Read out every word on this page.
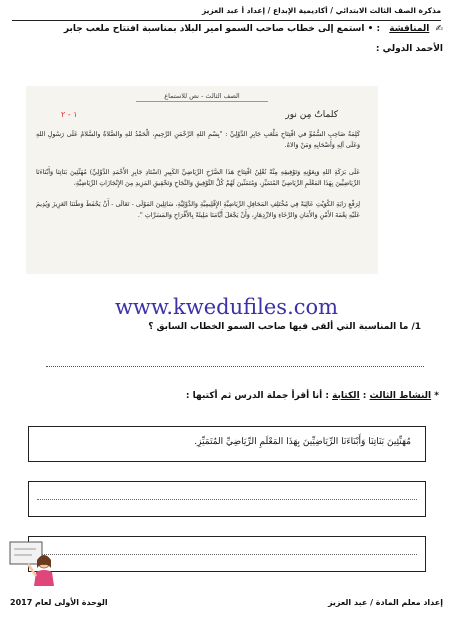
مذكرة الصف الثالث الابتدائي / أكاديمية الإبداع / إعداد أ عبد العزيز
✍ المناقشة : • أستمع إلى خطاب صاحب السمو أمير البلاد بمناسبة افتتاح ملعب جابر
الأحمد الدولي :
الصف الثالث - نص للاستماع
كلماتٌ مِن نور
١ - ٢
كَلِمَةُ صَاحِبِ السُّمُوِّ في افْتِتَاحِ مَلْعَبِ جَابِرِ الدَّوْلِيِّ : "بِسْمِ اللهِ الرَّحْمَنِ الرَّحِيمِ، الْحَمْدُ للهِ والصَّلاةُ والسَّلامُ عَلَى رَسُولِ اللهِ وَعَلَى آلِهِ وَأَصْحَابِهِ وَمَنْ وَالاهُ.
عَلَى بَرَكَةِ اللهِ وَبِعَوْنِهِ وَتَوْفِيقِهِ مِنَّةً نُعْلِنُ افْتِتَاحَ هَذَا الصَّرْحِ الرِّيَاضِيِّ الكَبِيرِ (اسْتَادِ جَابِرِ الأَحْمَدِ الدَّوْلِيِّ) مُهَنِّئِينَ بَنَاتِنَا وَأَبْنَاءَنَا الرِّيَاضِيِّينَ بِهَذَا المَعْلَمِ الرِّيَاضِيِّ المُتَمَيِّزِ، وَمُتَمَنِّينَ لَهُمْ كُلَّ التَّوْفِيقِ وَالنَّجَاحِ وَتَحْقِيقِ المَزِيدِ مِنَ الإِنْجَازَاتِ الرِّيَاضِيَّةِ،
لِرَفْعِ رَايَةِ الكُوَيْتِ عَالِيَةً فِي مُخْتَلِفِ المَحَافِلِ الرِّيَاضِيَّةِ الإِقْلِيمِيَّةِ وَالدَّوْلِيَّةِ، سَائِلِينَ المَوْلَى - تَعَالَى - أَنْ يَحْفَظَ وَطَنَنَا العَزِيزَ وَيُدِيمَ عَلَيْهِ نِعْمَةَ الأَمْنِ وَالأَمَانِ وَالرَّخَاءِ وَالازْدِهَارِ، وَأَنْ يَجْعَلَ أَيَّامَنَا مَلِيئَةً بِالأَفْرَاحِ وَالمَسَرَّاتِ ".
www.kwedufiles.com
1/ ما المناسبة التي ألقى فيها صاحب السمو الخطاب السابق ؟
* النشاط الثالث : الكتابة : أنا أقرأ جملة الدرس ثم أكتبها :
مُهَنِّئِينَ بَنَاتِنَا وَأَبْنَاءَنَا الرِّيَاضِيِّينَ بِهَذَا المَعْلَمِ الرِّيَاضِيِّ المُتَمَيِّزِ.
إعداد معلم المادة / عبد العزيز
الوحدة الأولى لعام 2017
